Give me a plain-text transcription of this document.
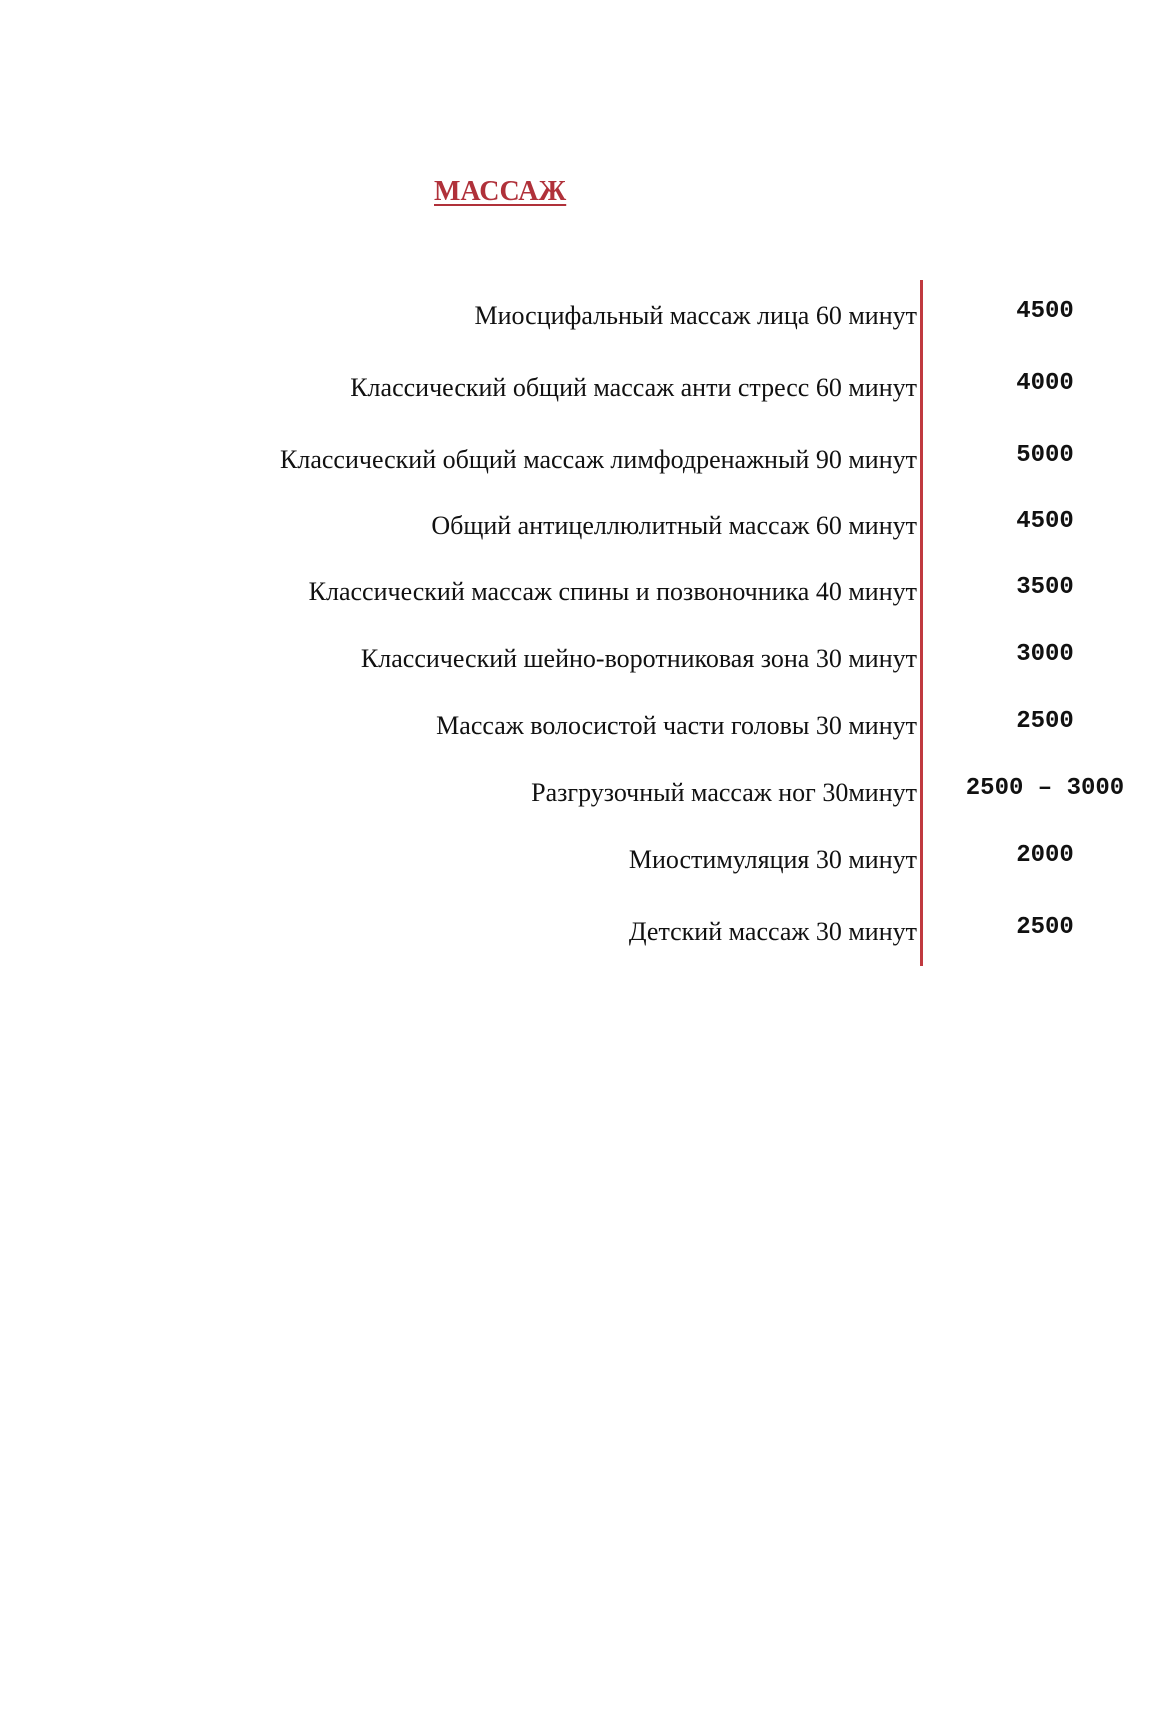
МАССАЖ
Миосцифальный массаж лица 60 минут	4500
Классический общий массаж анти стресс 60 минут	4000
Классический общий массаж лимфодренажный 90 минут	5000
Общий антицеллюлитный массаж 60 минут	4500
Классический массаж спины и позвоночника 40 минут	3500
Классический шейно-воротниковая зона 30 минут	3000
Массаж волосистой части головы 30 минут	2500
Разгрузочный массаж ног 30минут 2500 – 3000
Миостимуляция 30 минут	2000
Детский массаж 30 минут	2500
